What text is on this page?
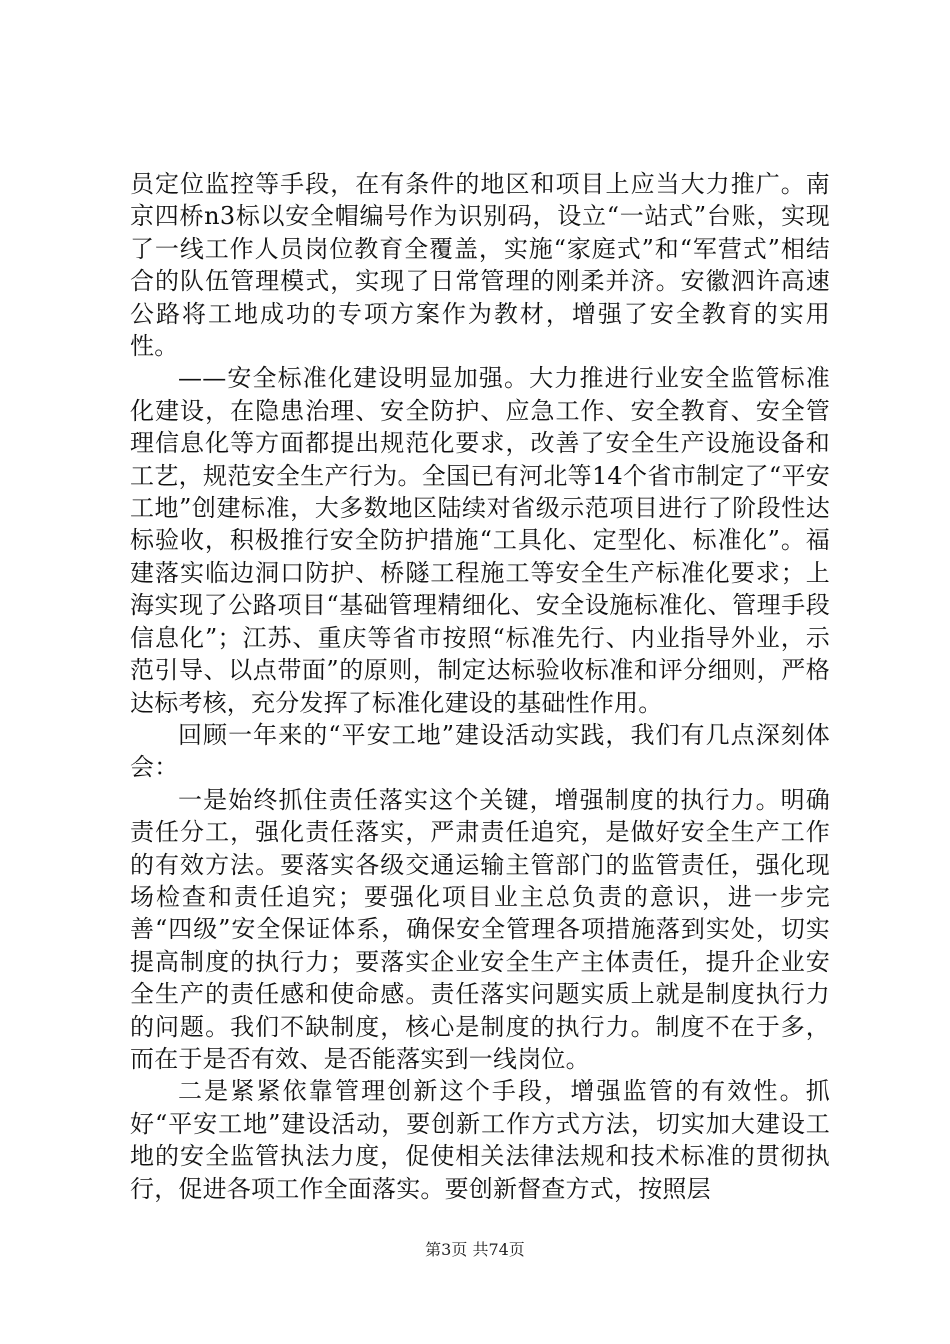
员定位监控等手段，在有条件的地区和项目上应当大力推广。南京四桥n3标以安全帽编号作为识别码，设立“一站式”台账，实现了一线工作人员岗位教育全覆盖，实施“家庭式”和“军营式”相结合的队伍管理模式，实现了日常管理的刚柔并济。安徽泗许高速公路将工地成功的专项方案作为教材，增强了安全教育的实用性。

——安全标准化建设明显加强。大力推进行业安全监管标准化建设，在隐患治理、安全防护、应急工作、安全教育、安全管理信息化等方面都提出规范化要求，改善了安全生产设施设备和工艺，规范安全生产行为。全国已有河北等14个省市制定了“平安工地”创建标准，大多数地区陆续对省级示范项目进行了阶段性达标验收，积极推行安全防护措施“工具化、定型化、标准化”。福建落实临边洞口防护、桥隧工程施工等安全生产标准化要求；上海实现了公路项目“基础管理精细化、安全设施标准化、管理手段信息化”；江苏、重庆等省市按照“标准先行、内业指导外业，示范引导、以点带面”的原则，制定达标验收标准和评分细则，严格达标考核，充分发挥了标准化建设的基础性作用。

回顾一年来的“平安工地”建设活动实践，我们有几点深刻体会：

一是始终抓住责任落实这个关键，增强制度的执行力。明确责任分工，强化责任落实，严肃责任追究，是做好安全生产工作的有效方法。要落实各级交通运输主管部门的监管责任，强化现场检查和责任追究；要强化项目业主总负责的意识，进一步完善“四级”安全保证体系，确保安全管理各项措施落到实处，切实提高制度的执行力；要落实企业安全生产主体责任，提升企业安全生产的责任感和使命感。责任落实问题实质上就是制度执行力的问题。我们不缺制度，核心是制度的执行力。制度不在于多，而在于是否有效、是否能落实到一线岗位。

二是紧紧依靠管理创新这个手段，增强监管的有效性。抓好“平安工地”建设活动，要创新工作方式方法，切实加大建设工地的安全监管执法力度，促使相关法律法规和技术标准的贯彻执行，促进各项工作全面落实。要创新督查方式，按照层

第3页 共74页
